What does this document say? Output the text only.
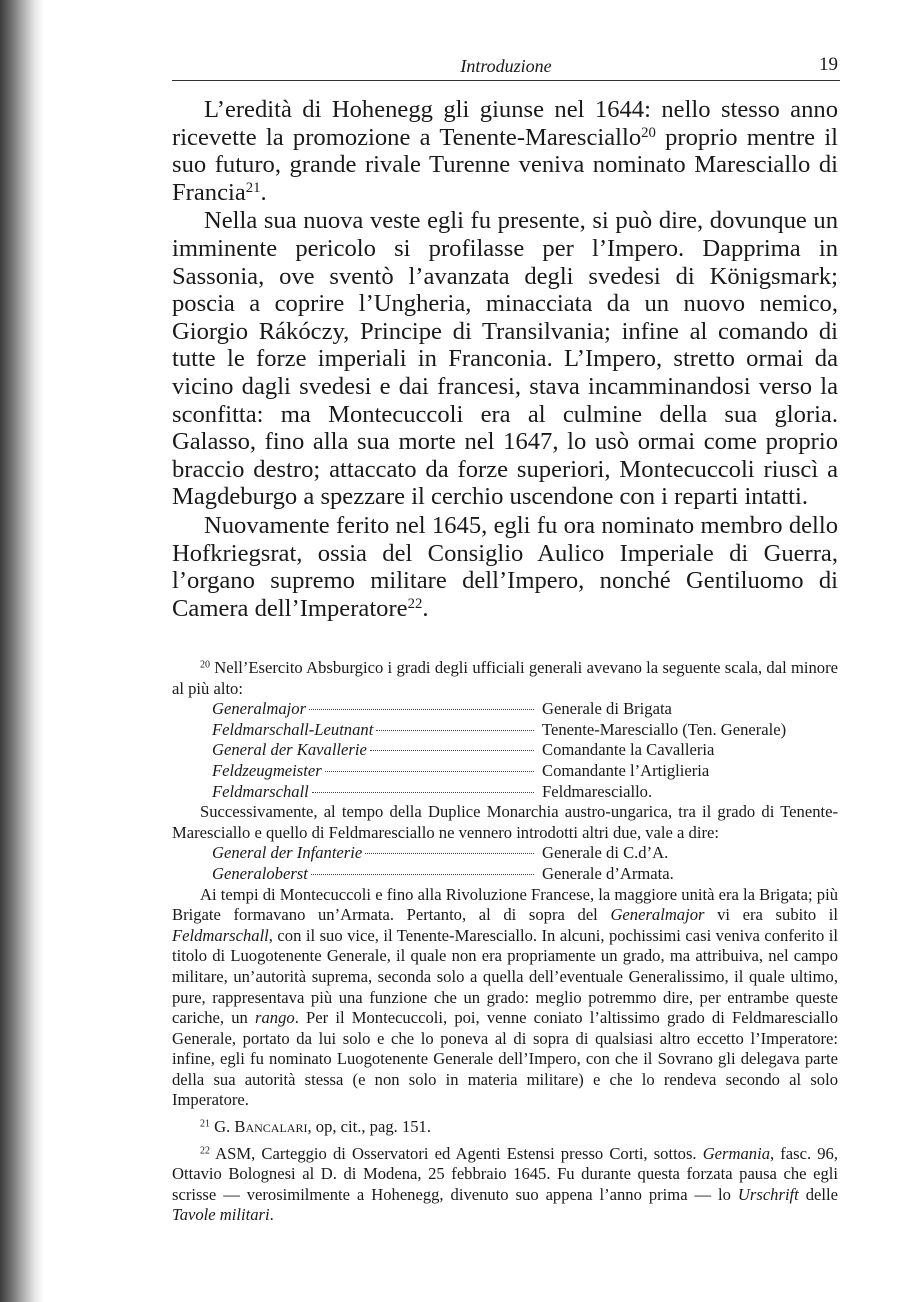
Introduzione	19

L’eredità di Hohenegg gli giunse nel 1644: nello stesso anno ricevette la promozione a Tenente-Maresciallo$^{20}$ proprio mentre il suo futuro, grande rivale Turenne veniva nominato Maresciallo di Francia$^{21}$.

Nella sua nuova veste egli fu presente, si può dire, dovunque un imminente pericolo si profilasse per l’Impero. Dapprima in Sassonia, ove sventò l’avanzata degli svedesi di Königsmark; poscia a coprire l’Ungheria, minacciata da un nuovo nemico, Giorgio Rákóczy, Principe di Transilvania; infine al comando di tutte le forze imperiali in Franconia. L’Impero, stretto ormai da vicino dagli svedesi e dai francesi, stava incamminandosi verso la sconfitta: ma Montecuccoli era al culmine della sua gloria. Galasso, fino alla sua morte nel 1647, lo usò ormai come proprio braccio destro; attaccato da forze superiori, Montecuccoli riuscì a Magdeburgo a spezzare il cerchio uscendone con i reparti intatti.

Nuovamente ferito nel 1645, egli fu ora nominato membro dello Hofkriegsrat, ossia del Consiglio Aulico Imperiale di Guerra, l’organo supremo militare dell’Impero, nonché Gentiluomo di Camera dell’Imperatore$^{22}$.

$^{20}$ Nell’Esercito Absburgico i gradi degli ufficiali generali avevano la seguente scala, dal minore al più alto:

Generalmajor	Generale di Brigata
Feldmarschall-Leutnant	Tenente-Maresciallo (Ten. Generale)
General der Kavallerie	Comandante la Cavalleria
Feldzeugmeister	Comandante l’Artiglieria
Feldmarschall	Feldmaresciallo.

Successivamente, al tempo della Duplice Monarchia austro-ungarica, tra il grado di Tenente-Maresciallo e quello di Feldmaresciallo ne vennero introdotti altri due, vale a dire:

General der Infanterie	Generale di C.d’A.
Generaloberst	Generale d’Armata.

Ai tempi di Montecuccoli e fino alla Rivoluzione Francese, la maggiore unità era la Brigata; più Brigate formavano un’Armata. Pertanto, al di sopra del Generalmajor vi era subito il Feldmarschall, con il suo vice, il Tenente-Maresciallo. In alcuni, pochissimi casi veniva conferito il titolo di Luogotenente Generale, il quale non era propriamente un grado, ma attribuiva, nel campo militare, un’autorità suprema, seconda solo a quella dell’eventuale Generalissimo, il quale ultimo, pure, rappresentava più una funzione che un grado: meglio potremmo dire, per entrambe queste cariche, un rango. Per il Montecuccoli, poi, venne coniato l’altissimo grado di Feldmaresciallo Generale, portato da lui solo e che lo poneva al di sopra di qualsiasi altro eccetto l’Imperatore: infine, egli fu nominato Luogotenente Generale dell’Impero, con che il Sovrano gli delegava parte della sua autorità stessa (e non solo in materia militare) e che lo rendeva secondo al solo Imperatore.

$^{21}$ G. Bancalari, op, cit., pag. 151.

$^{22}$ ASM, Carteggio di Osservatori ed Agenti Estensi presso Corti, sottos. Germania, fasc. 96, Ottavio Bolognesi al D. di Modena, 25 febbraio 1645. Fu durante questa forzata pausa che egli scrisse — verosimilmente a Hohenegg, divenuto suo appena l’anno prima — lo Urschrift delle Tavole militari.
